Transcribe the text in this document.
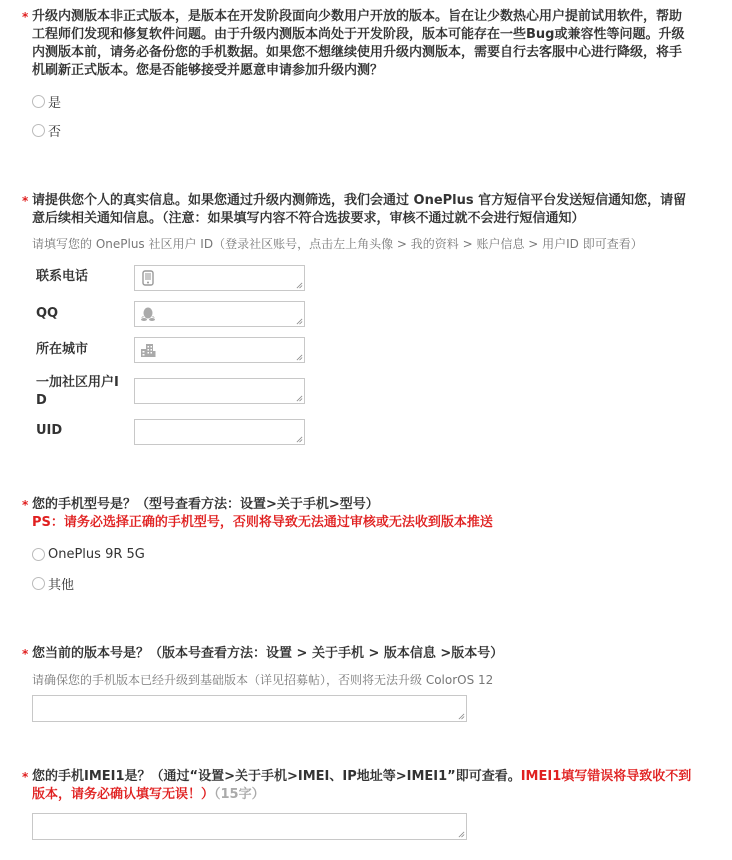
* 升级内测版本非正式版本，是版本在开发阶段面向少数用户开放的版本。旨在让少数热心用户提前试用软件，帮助工程师们发现和修复软件问题。由于升级内测版本尚处于开发阶段，版本可能存在一些Bug或兼容性等问题。升级内测版本前，请务必备份您的手机数据。如果您不想继续使用升级内测版本，需要自行去客服中心进行降级，将手机刷新正式版本。您是否能够接受并愿意申请参加升级内测？
是
否
* 请提供您个人的真实信息。如果您通过升级内测筛选，我们会通过 OnePlus 官方短信平台发送短信通知您，请留意后续相关通知信息。（注意：如果填写内容不符合选拔要求，审核不通过就不会进行短信通知）
请填写您的 OnePlus 社区用户 ID（登录社区账号，点击左上角头像 > 我的资料 > 账户信息 > 用户ID 即可查看）
联系电话
QQ
所在城市
一加社区用户ID
UID
* 您的手机型号是？（型号查看方法：设置>关于手机>型号）
PS：请务必选择正确的手机型号，否则将导致无法通过审核或无法收到版本推送
OnePlus 9R 5G
其他
* 您当前的版本号是？（版本号查看方法：设置 > 关于手机 > 版本信息 >版本号）
请确保您的手机版本已经升级到基础版本（详见招募帖），否则将无法升级 ColorOS 12
* 您的手机IMEI1是？（通过“设置>关于手机>IMEI、IP地址等>IMEI1”即可查看。IMEI1填写错误将导致收不到版本，请务必确认填写无误！）（15字）
